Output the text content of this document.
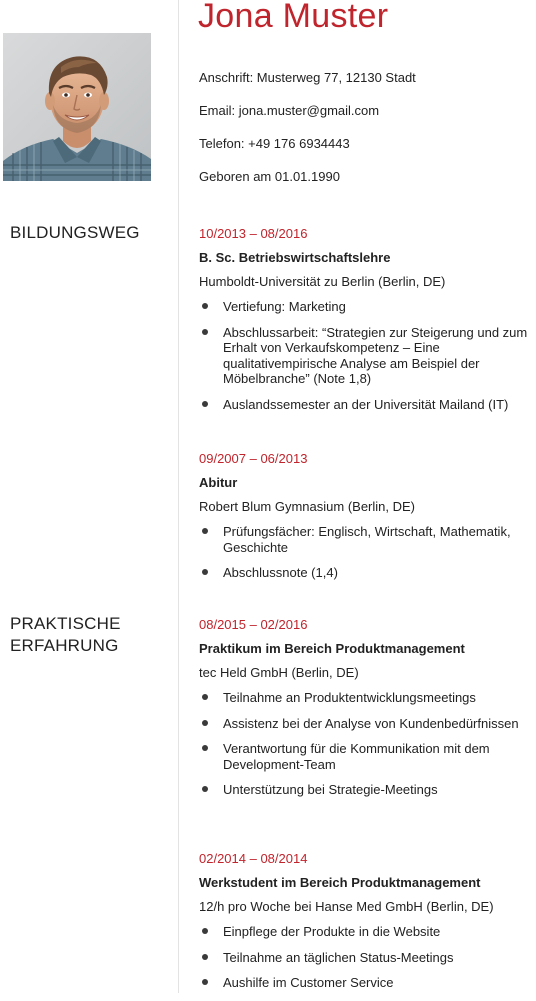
Jona Muster
Anschrift: Musterweg 77, 12130 Stadt
Email: jona.muster@gmail.com
Telefon: +49 176 6934443
Geboren am 01.01.1990
BILDUNGSWEG	10/2013 – 08/2016
B. Sc. Betriebswirtschaftslehre
Humboldt-Universität zu Berlin (Berlin, DE)
Vertiefung: Marketing
Abschlussarbeit: “Strategien zur Steigerung und zum Erhalt von Verkaufskompetenz – Eine qualitativempirische Analyse am Beispiel der Möbelbranche” (Note 1,8)
Auslandssemester an der Universität Mailand (IT)
09/2007 – 06/2013
Abitur
Robert Blum Gymnasium (Berlin, DE)
Prüfungsfächer: Englisch, Wirtschaft, Mathematik, Geschichte
Abschlussnote (1,4)
PRAKTISCHE
ERFAHRUNG
08/2015 – 02/2016
Praktikum im Bereich Produktmanagement
tec Held GmbH (Berlin, DE)
Teilnahme an Produktentwicklungsmeetings
Assistenz bei der Analyse von Kundenbedürfnissen
Verantwortung für die Kommunikation mit dem Development-Team
Unterstützung bei Strategie-Meetings
02/2014 – 08/2014
Werkstudent im Bereich Produktmanagement
12/h pro Woche bei Hanse Med GmbH (Berlin, DE)
Einpflege der Produkte in die Website
Teilnahme an täglichen Status-Meetings
Aushilfe im Customer Service
